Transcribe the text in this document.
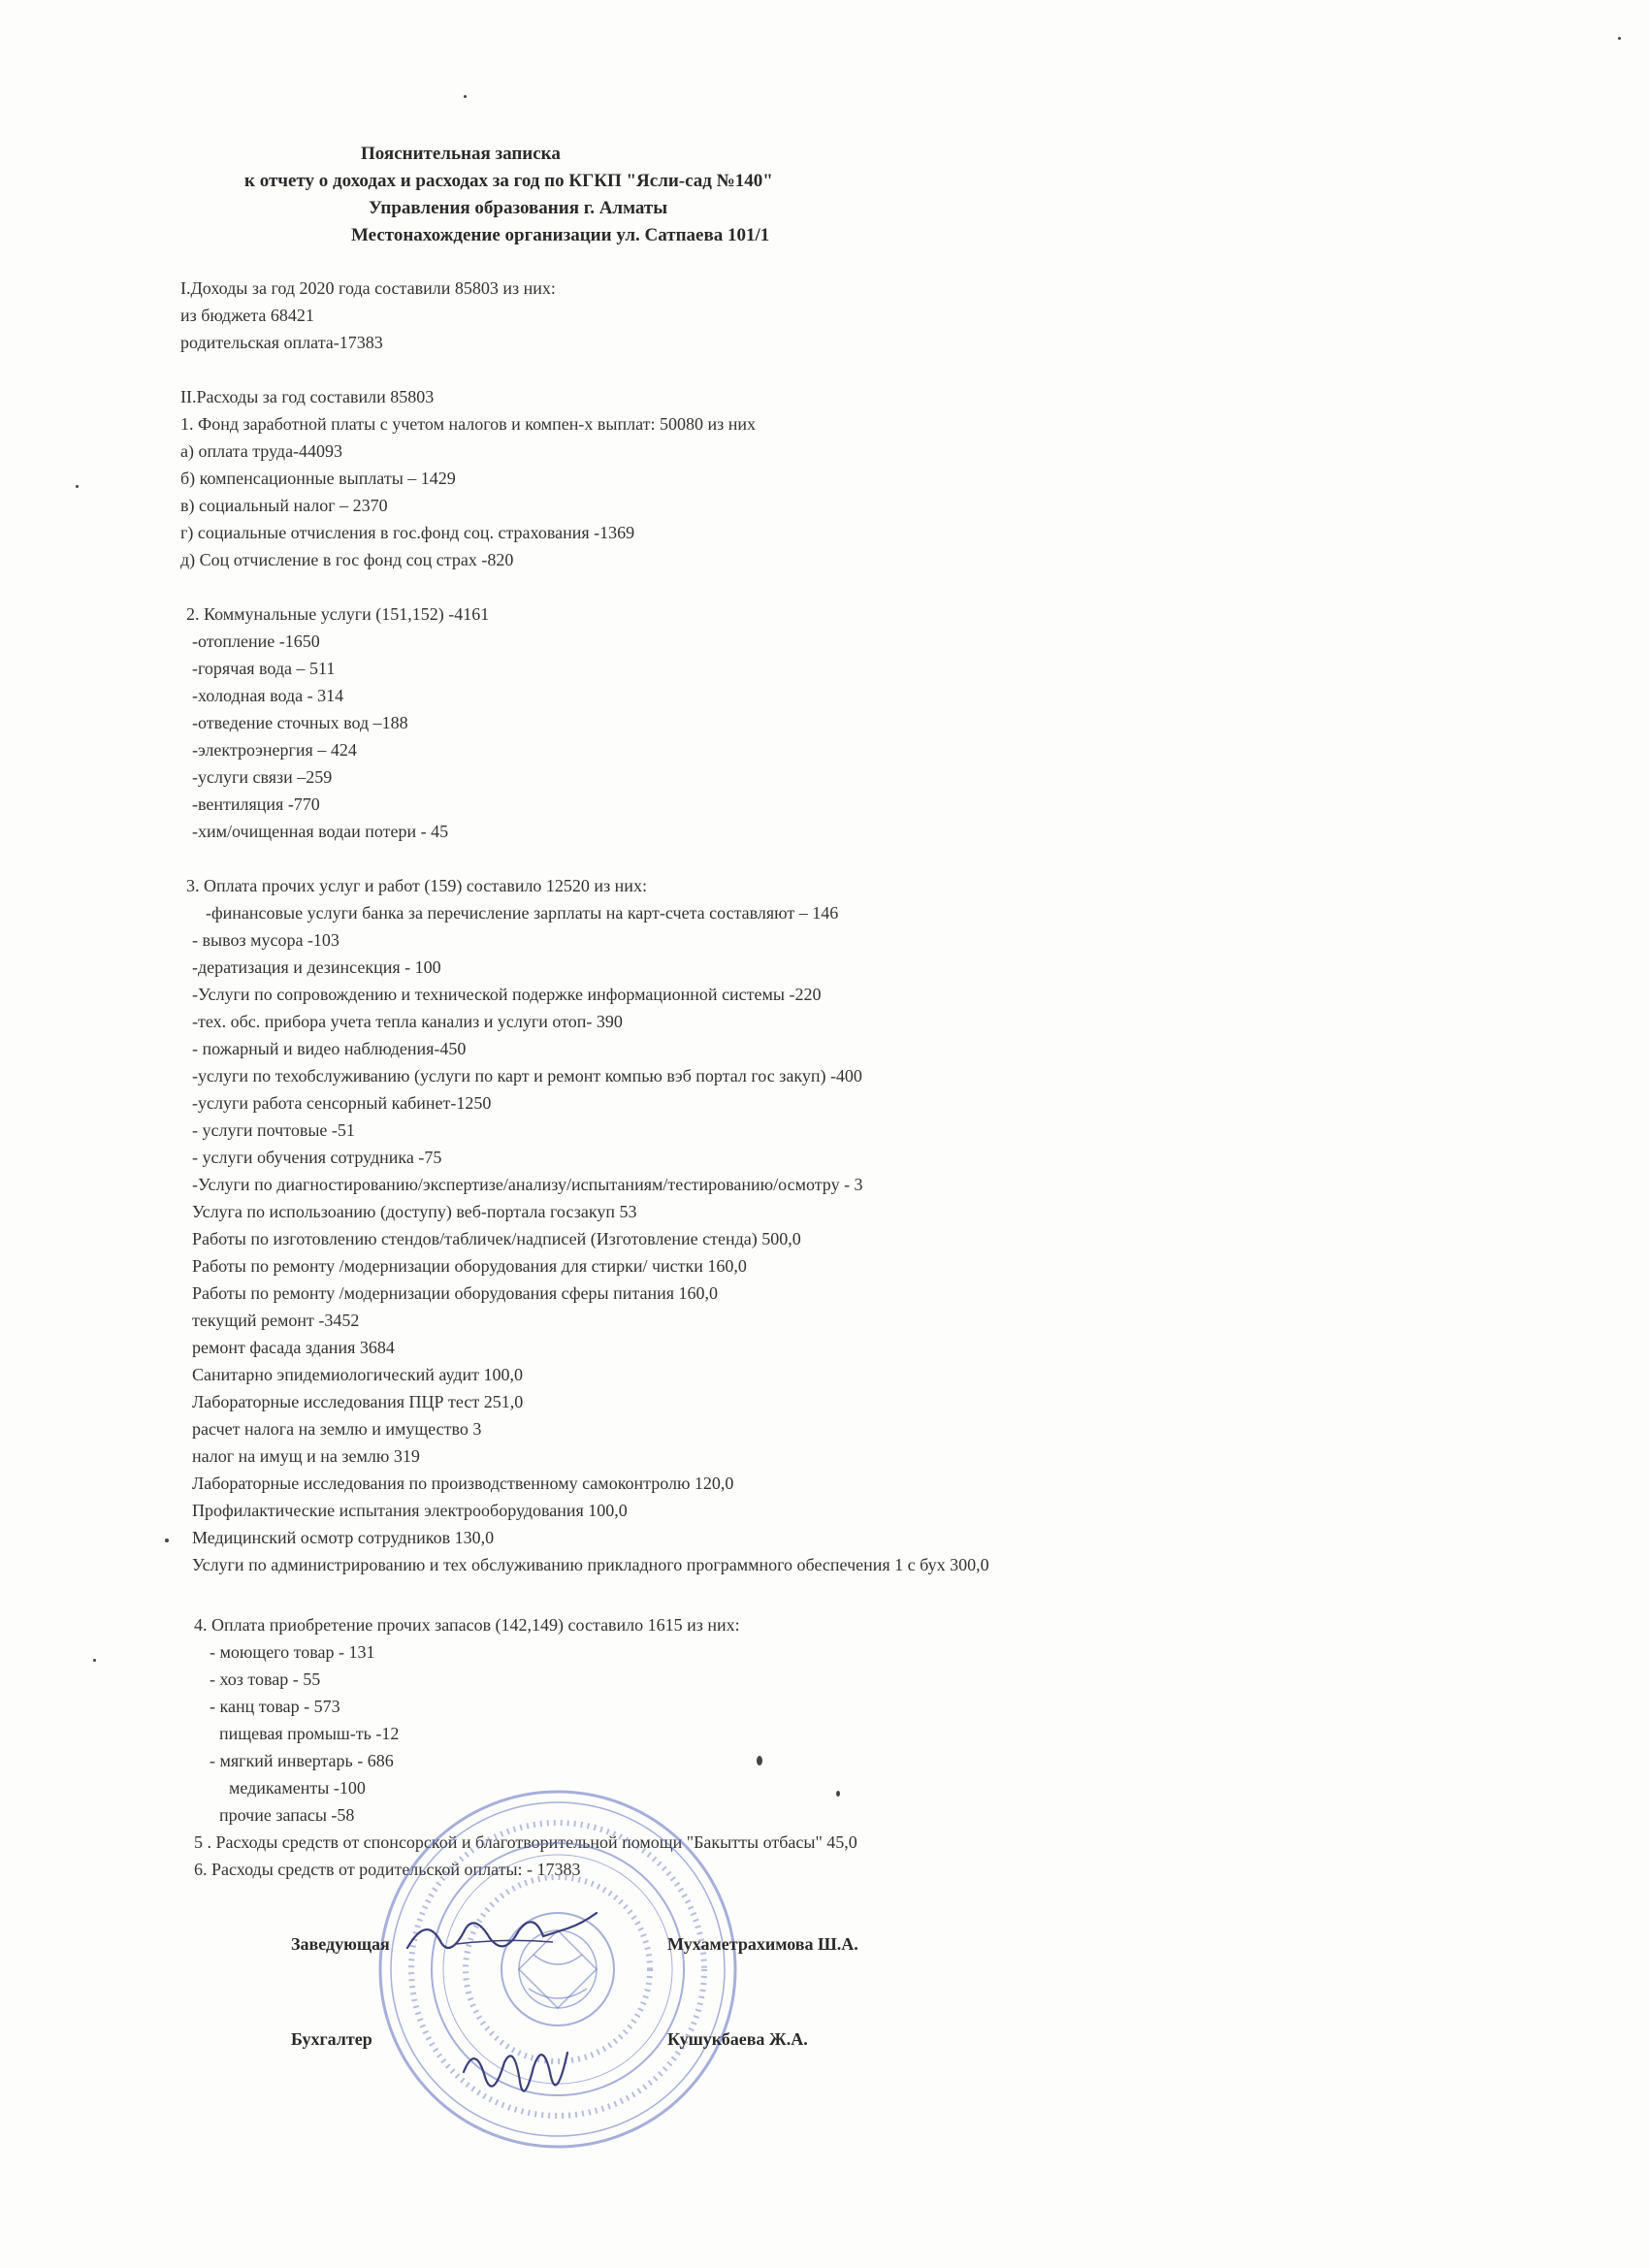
Пояснительная записка
к отчету о доходах и расходах за год по КГКП "Ясли-сад №140"
Управления образования г. Алматы
Местонахождение организации ул. Сатпаева 101/1
I.Доходы за год 2020 года составили 85803 из них:
из бюджета 68421
родительская оплата-17383
II.Расходы за год составили 85803
1. Фонд заработной платы с учетом налогов и компен-х выплат: 50080 из них
а) оплата труда-44093
б) компенсационные выплаты – 1429
в) социальный налог – 2370
г) социальные отчисления в гос.фонд соц. страхования -1369
д) Соц отчисление в гос фонд соц страх -820
2. Коммунальные услуги (151,152) -4161
-отопление -1650
-горячая вода – 511
-холодная вода - 314
-отведение сточных вод –188
-электроэнергия – 424
-услуги связи –259
-вентиляция -770
-хим/очищенная водаи потери - 45
3. Оплата прочих услуг и работ (159) составило 12520 из них:
-финансовые услуги банка за перечисление зарплаты на карт-счета составляют – 146
- вывоз мусора -103
-дератизация и дезинсекция - 100
-Услуги по сопровождению и технической подержке информационной системы -220
-тех. обс. прибора учета тепла канализ и услуги отоп- 390
- пожарный и видео наблюдения-450
-услуги по техобслуживанию (услуги по карт и ремонт компью вэб портал гос закуп) -400
-услуги работа сенсорный кабинет-1250
- услуги почтовые -51
- услуги обучения сотрудника -75
-Услуги по диагностированию/экспертизе/анализу/испытаниям/тестированию/осмотру - 3
Услуга по использоанию (доступу) веб-портала госзакуп 53
Работы по изготовлению стендов/табличек/надписей (Изготовление стенда) 500,0
Работы по ремонту /модернизации оборудования для стирки/ чистки 160,0
Работы по ремонту /модернизации оборудования сферы питания 160,0
текущий ремонт -3452
ремонт фасада здания 3684
Санитарно эпидемиологический аудит 100,0
Лабораторные исследования ПЦР тест 251,0
расчет налога на землю и имущество 3
налог на имущ и на землю 319
Лабораторные исследования по производственному самоконтролю 120,0
Профилактические испытания электрооборудования 100,0
Медицинский осмотр сотрудников 130,0
Услуги по администрированию и тех обслуживанию прикладного программного обеспечения 1 с бух 300,0
4. Оплата приобретение прочих запасов (142,149) составило 1615 из них:
- моющего товар - 131
- хоз товар - 55
- канц товар - 573
пищевая промыш-ть -12
- мягкий инвертарь - 686
медикаменты -100
прочие запасы -58
5 . Расходы средств от спонсорской и благотворительной помощи "Бакытты отбасы" 45,0
6. Расходы средств от родительской оплаты: - 17383
Заведующая	Мухаметрахимова Ш.А.
Бухгалтер	Кушукбаева Ж.А.
